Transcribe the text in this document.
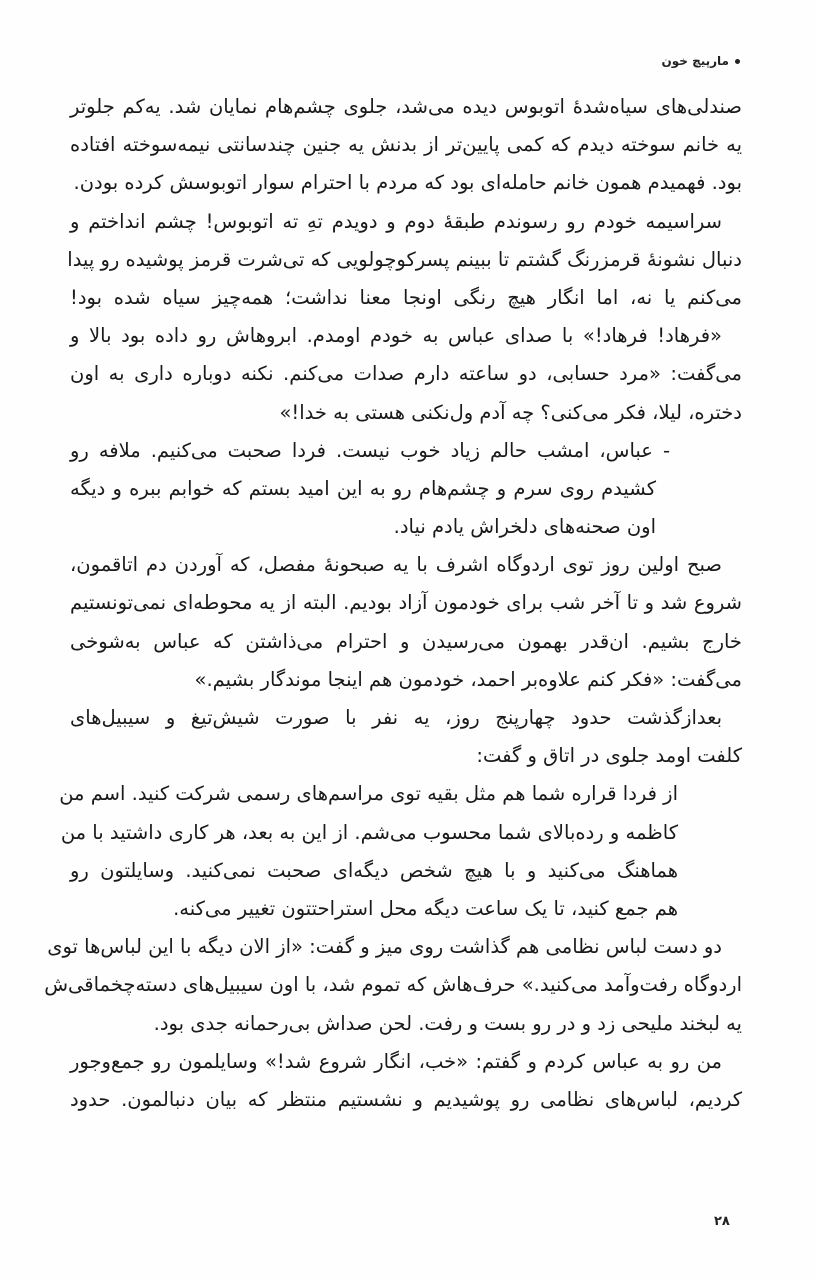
مارپیچ خون
صندلی‌های سیاه‌شدهٔ اتوبوس دیده می‌شد، جلوی چشم‌هام نمایان شد. یه‌کم جلوتر
یه خانم سوخته دیدم که کمی پایین‌تر از بدنش یه جنین چندسانتی نیمه‌سوخته افتاده
بود. فهمیدم همون خانم حامله‌ای بود که مردم با احترام سوار اتوبوسش کرده بودن.
سراسیمه خودم رو رسوندم طبقهٔ دوم و دویدم تهِ ته اتوبوس! چشم انداختم و
دنبال نشونهٔ قرمزرنگ گشتم تا ببینم پسرکوچولویی که تی‌شرت قرمز پوشیده رو پیدا
می‌کنم یا نه، اما انگار هیچ رنگی اونجا معنا نداشت؛ همه‌چیز سیاه شده بود!
«فرهاد! فرهاد!» با صدای عباس به خودم اومدم. ابروهاش رو داده بود بالا و
می‌گفت: «مرد حسابی، دو ساعته دارم صدات می‌کنم. نکنه دوباره داری به اون
دختره، لیلا، فکر می‌کنی؟ چه آدم ول‌نکنی هستی به خدا!»
- عباس، امشب حالم زیاد خوب نیست. فردا صحبت می‌کنیم. ملافه رو
کشیدم روی سرم و چشم‌هام رو به این امید بستم که خوابم ببره و دیگه
اون صحنه‌های دلخراش یادم نیاد.
صبح اولین روز توی اردوگاه اشرف با یه صبحونهٔ مفصل، که آوردن دم اتاقمون،
شروع شد و تا آخر شب برای خودمون آزاد بودیم. البته از یه محوطه‌ای نمی‌تونستیم
خارج بشیم. ان‌قدر بهمون می‌رسیدن و احترام می‌ذاشتن که عباس به‌شوخی
می‌گفت: «فکر کنم علاوه‌بر احمد، خودمون هم اینجا موندگار بشیم.»
بعدازگذشت حدود چهارپنج روز، یه نفر با صورت شیش‌تیغ و سیبیل‌های
کلفت اومد جلوی در اتاق و گفت:
از فردا قراره شما هم مثل بقیه توی مراسم‌های رسمی شرکت کنید. اسم من
کاظمه و رده‌بالای شما محسوب می‌شم. از این به بعد، هر کاری داشتید با من
هماهنگ می‌کنید و با هیچ شخص دیگه‌ای صحبت نمی‌کنید. وسایلتون رو
هم جمع کنید، تا یک ساعت دیگه محل استراحتتون تغییر می‌کنه.
دو دست لباس نظامی هم گذاشت روی میز و گفت: «از الان دیگه با این لباس‌ها توی
اردوگاه رفت‌وآمد می‌کنید.» حرف‌هاش که تموم شد، با اون سیبیل‌های دسته‌چخماقی‌ش
یه لبخند ملیحی زد و در رو بست و رفت. لحن صداش بی‌رحمانه جدی بود.
من رو به عباس کردم و گفتم: «خب، انگار شروع شد!» وسایلمون رو جمع‌وجور
کردیم، لباس‌های نظامی رو پوشیدیم و نشستیم منتظر که بیان دنبالمون. حدود
۲۸
